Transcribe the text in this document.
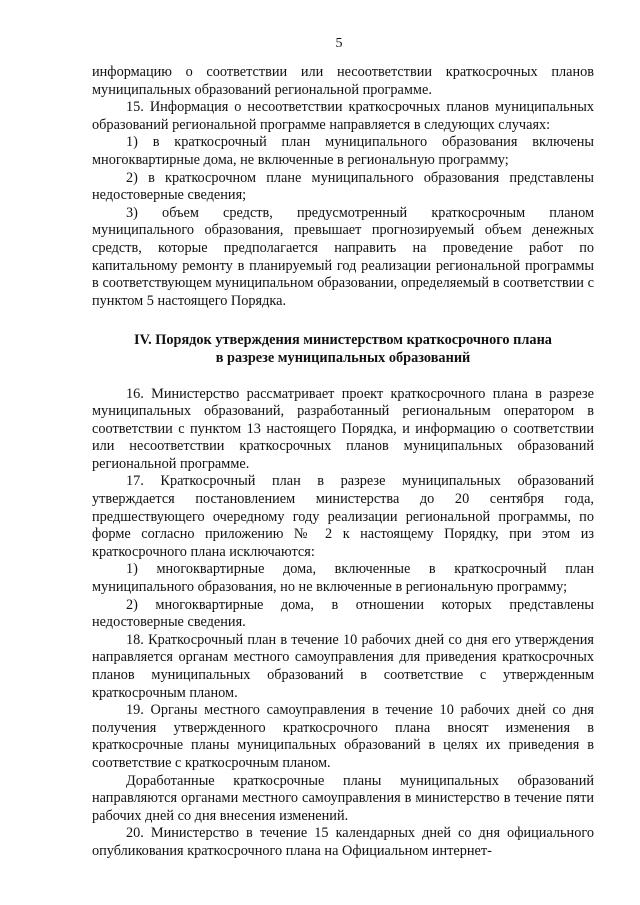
5

информацию о соответствии или несоответствии краткосрочных планов муниципальных образований региональной программе.

15. Информация о несоответствии краткосрочных планов муниципальных образований региональной программе направляется в следующих случаях:

1) в краткосрочный план муниципального образования включены многоквартирные дома, не включенные в региональную программу;

2) в краткосрочном плане муниципального образования представлены недостоверные сведения;

3) объем средств, предусмотренный краткосрочным планом муниципального образования, превышает прогнозируемый объем денежных средств, которые предполагается направить на проведение работ по капитальному ремонту в планируемый год реализации региональной программы в соответствующем муниципальном образовании, определяемый в соответствии с пунктом 5 настоящего Порядка.

IV. Порядок утверждения министерством краткосрочного плана
в разрезе муниципальных образований

16. Министерство рассматривает проект краткосрочного плана в разрезе муниципальных образований, разработанный региональным оператором в соответствии с пунктом 13 настоящего Порядка, и информацию о соответствии или несоответствии краткосрочных планов муниципальных образований региональной программе.

17. Краткосрочный план в разрезе муниципальных образований утверждается постановлением министерства до 20 сентября года, предшествующего очередному году реализации региональной программы, по форме согласно приложению № 2 к настоящему Порядку, при этом из краткосрочного плана исключаются:

1) многоквартирные дома, включенные в краткосрочный план муниципального образования, но не включенные в региональную программу;

2) многоквартирные дома, в отношении которых представлены недостоверные сведения.

18. Краткосрочный план в течение 10 рабочих дней со дня его утверждения направляется органам местного самоуправления для приведения краткосрочных планов муниципальных образований в соответствие с утвержденным краткосрочным планом.

19. Органы местного самоуправления в течение 10 рабочих дней со дня получения утвержденного краткосрочного плана вносят изменения в краткосрочные планы муниципальных образований в целях их приведения в соответствие с краткосрочным планом.

Доработанные краткосрочные планы муниципальных образований направляются органами местного самоуправления в министерство в течение пяти рабочих дней со дня внесения изменений.

20. Министерство в течение 15 календарных дней со дня официального опубликования краткосрочного плана на Официальном интернет-
